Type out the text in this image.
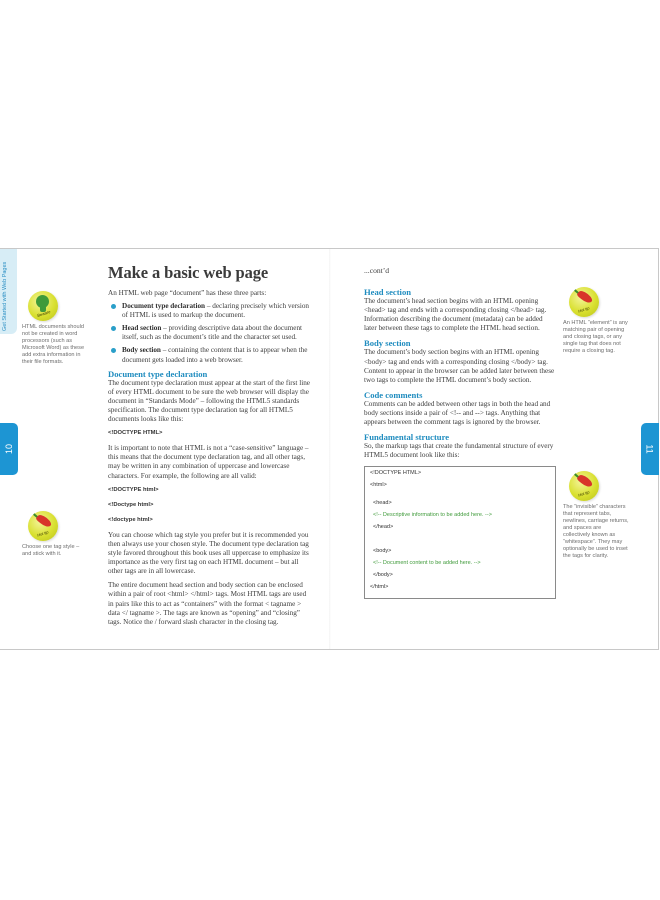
Get Started with Web Pages
10	11
Beware
HTML documents should not be created in word processors (such as Microsoft Word) as these add extra information in their file formats.
Hot tip
Choose one tag style – and stick with it.
Make a basic web page

An HTML web page “document” has these three parts:

Document type declaration – declaring precisely which version of HTML is used to markup the document.
Head section – providing descriptive data about the document itself, such as the document’s title and the character set used.
Body section – containing the content that is to appear when the document gets loaded into a web browser.
Document type declaration

The document type declaration must appear at the start of the first line of every HTML document to be sure the web browser will display the document in “Standards Mode” – following the HTML5 standards specification. The document type declaration tag for all HTML5 documents looks like this:

<!DOCTYPE HTML>

It is important to note that HTML is not a “case-sensitive” language – this means that the document type declaration tag, and all other tags, may be written in any combination of uppercase and lowercase characters. For example, the following are all valid:

<!DOCTYPE html>
<!Doctype html>
<!doctype html>

You can choose which tag style you prefer but it is recommended you then always use your chosen style. The document type declaration tag style favored throughout this book uses all uppercase to emphasize its importance as the very first tag on each HTML document – but all other tags are in all lowercase.

The entire document head section and body section can be enclosed within a pair of root <html> </html> tags. Most HTML tags are used in pairs like this to act as “containers” with the format < tagname > data </ tagname >. The tags are known as “opening” and “closing” tags. Notice the / forward slash character in the closing tag.

...cont’d
Head section

The document’s head section begins with an HTML opening <head> tag and ends with a corresponding closing </head> tag. Information describing the document (metadata) can be added later between these tags to complete the HTML head section.

Body section

The document’s body section begins with an HTML opening <body> tag and ends with a corresponding closing </body> tag. Content to appear in the browser can be added later between these two tags to complete the HTML document’s body section.

Code comments

Comments can be added between other tags in both the head and body sections inside a pair of <!-- and --> tags. Anything that appears between the comment tags is ignored by the browser.

Fundamental structure

So, the markup tags that create the fundamental structure of every HTML5 document look like this:

<!DOCTYPE HTML>
<html>
<head>
<!-- Descriptive information to be added here. -->
</head>
<body>
<!-- Document content to be added here. -->
</body>
</html>
Hot tip
An HTML “element” is any matching pair of opening and closing tags, or any single tag that does not require a closing tag.
Hot tip
The “invisible” characters that represent tabs, newlines, carriage returns, and spaces are collectively known as “whitespace”. They may optionally be used to inset the tags for clarity.
